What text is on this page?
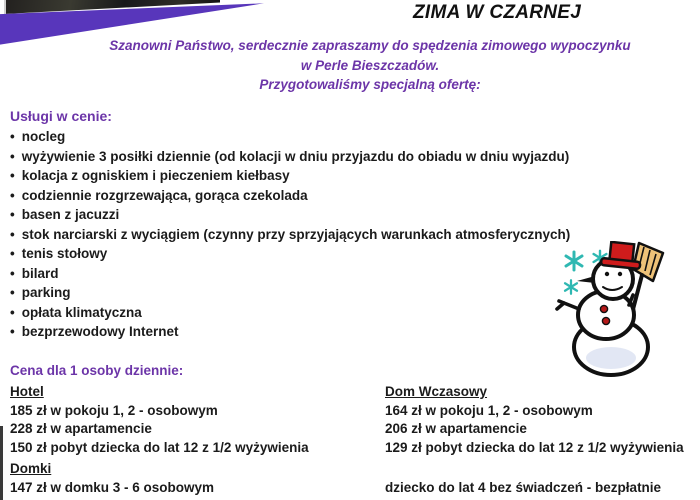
ZIMA W CZARNEJ
Szanowni Państwo, serdecznie zapraszamy do spędzenia zimowego wypoczynku
w Perle Bieszczadów.
Przygotowaliśmy specjalną ofertę:
Usługi w cenie:
• nocleg
• wyżywienie 3 posiłki dziennie (od kolacji w dniu przyjazdu do obiadu w dniu wyjazdu)
• kolacja z ogniskiem i pieczeniem kiełbasy
• codziennie rozgrzewająca, gorąca czekolada
• basen z jacuzzi
• stok narciarski z wyciągiem (czynny przy sprzyjających warunkach atmosferycznych)
• tenis stołowy
• bilard
• parking
• opłata klimatyczna
• bezprzewodowy Internet
Cena dla 1 osoby dziennie:
Hotel
185 zł w pokoju 1, 2 - osobowym
228 zł w apartamencie
150 zł pobyt dziecka do lat 12 z 1/2 wyżywienia
Dom Wczasowy
164 zł w pokoju 1, 2 - osobowym
206 zł w apartamencie
129 zł pobyt dziecka do lat 12 z 1/2 wyżywienia
Domki
147 zł w domku 3 - 6 osobowym	dziecko do lat 4 bez świadczeń - bezpłatnie
